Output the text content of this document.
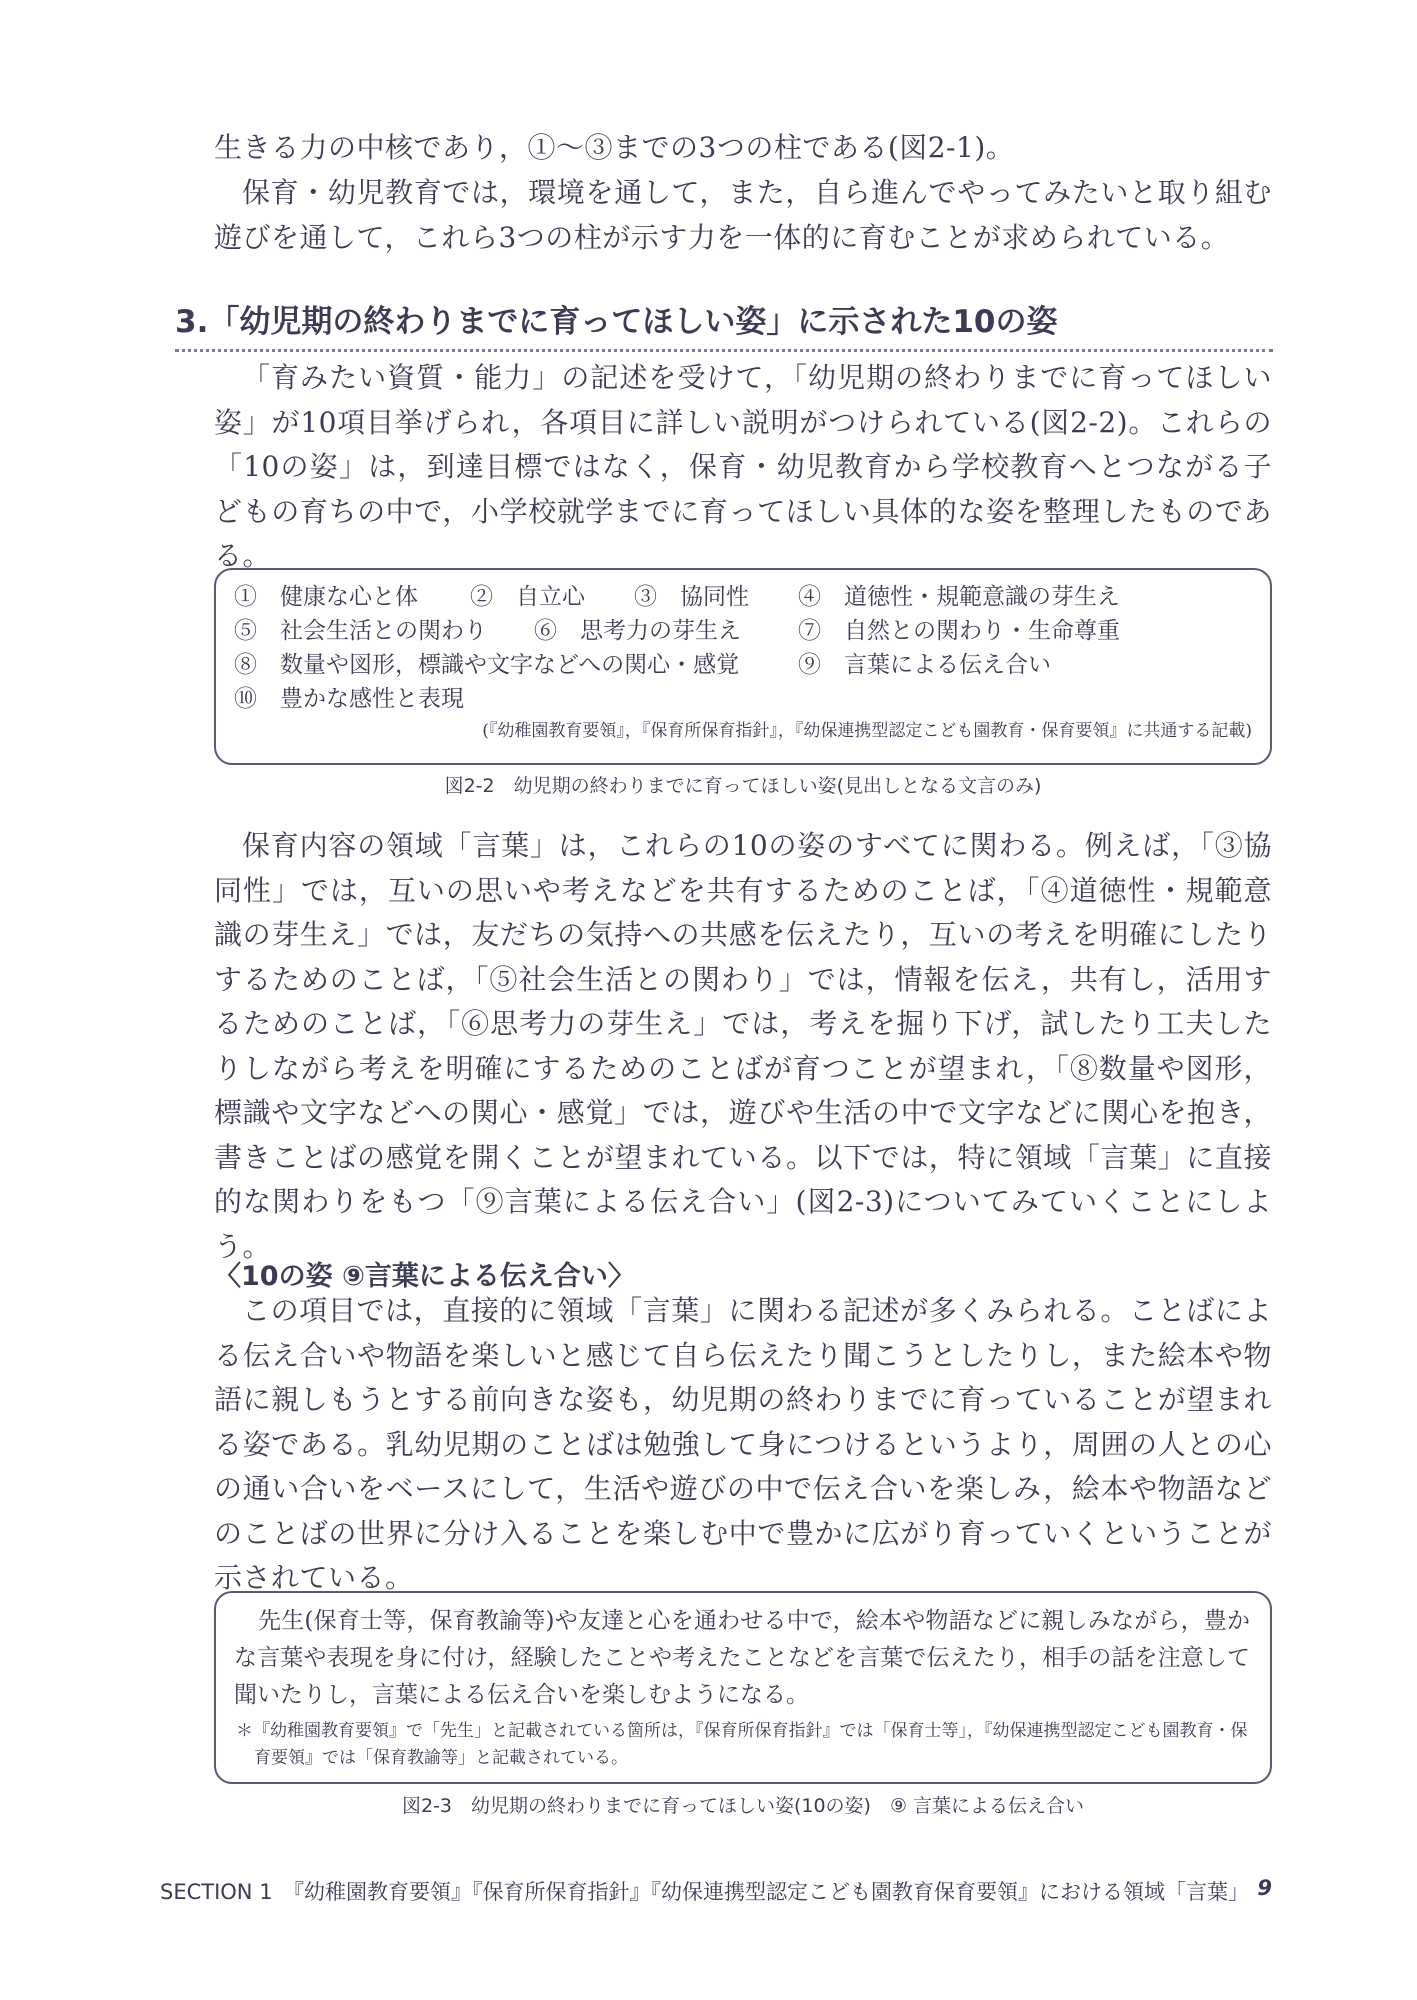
生きる力の中核であり，①～③までの3つの柱である(図2-1)。

保育・幼児教育では，環境を通して，また，自ら進んでやってみたいと取り組む遊びを通して，これら3つの柱が示す力を一体的に育むことが求められている。

3.「幼児期の終わりまでに育ってほしい姿」に示された10の姿

「育みたい資質・能力」の記述を受けて，「幼児期の終わりまでに育ってほしい姿」が10項目挙げられ，各項目に詳しい説明がつけられている(図2-2)。これらの「10の姿」は，到達目標ではなく，保育・幼児教育から学校教育へとつながる子どもの育ちの中で，小学校就学までに育ってほしい具体的な姿を整理したものである。

①　健康な心と体	②　自立心	③　協同性	④　道徳性・規範意識の芽生え
⑤　社会生活との関わり	⑥　思考力の芽生え	⑦　自然との関わり・生命尊重
⑧　数量や図形，標識や文字などへの関心・感覚	⑨　言葉による伝え合い
⑩　豊かな感性と表現
(『幼稚園教育要領』，『保育所保育指針』，『幼保連携型認定こども園教育・保育要領』に共通する記載)
図2-2　幼児期の終わりまでに育ってほしい姿(見出しとなる文言のみ)

保育内容の領域「言葉」は，これらの10の姿のすべてに関わる。例えば，「③協同性」では，互いの思いや考えなどを共有するためのことば，「④道徳性・規範意識の芽生え」では，友だちの気持への共感を伝えたり，互いの考えを明確にしたりするためのことば，「⑤社会生活との関わり」では，情報を伝え，共有し，活用するためのことば，「⑥思考力の芽生え」では，考えを掘り下げ，試したり工夫したりしながら考えを明確にするためのことばが育つことが望まれ，「⑧数量や図形，標識や文字などへの関心・感覚」では，遊びや生活の中で文字などに関心を抱き，書きことばの感覚を開くことが望まれている。以下では，特に領域「言葉」に直接的な関わりをもつ「⑨言葉による伝え合い」(図2-3)についてみていくことにしよう。

〈10の姿 ⑨言葉による伝え合い〉

この項目では，直接的に領域「言葉」に関わる記述が多くみられる。ことばによる伝え合いや物語を楽しいと感じて自ら伝えたり聞こうとしたりし，また絵本や物語に親しもうとする前向きな姿も，幼児期の終わりまでに育っていることが望まれる姿である。乳幼児期のことばは勉強して身につけるというより，周囲の人との心の通い合いをベースにして，生活や遊びの中で伝え合いを楽しみ，絵本や物語などのことばの世界に分け入ることを楽しむ中で豊かに広がり育っていくということが示されている。

先生(保育士等，保育教諭等)や友達と心を通わせる中で，絵本や物語などに親しみながら，豊かな言葉や表現を身に付け，経験したことや考えたことなどを言葉で伝えたり，相手の話を注意して聞いたりし，言葉による伝え合いを楽しむようになる。

＊『幼稚園教育要領』で「先生」と記載されている箇所は，『保育所保育指針』では「保育士等」，『幼保連携型認定こども園教育・保育要領』では「保育教諭等」と記載されている。

図2-3　幼児期の終わりまでに育ってほしい姿(10の姿)　⑨ 言葉による伝え合い
SECTION 1　『幼稚園教育要領』『保育所保育指針』『幼保連携型認定こども園教育保育要領』における領域「言葉」 9
